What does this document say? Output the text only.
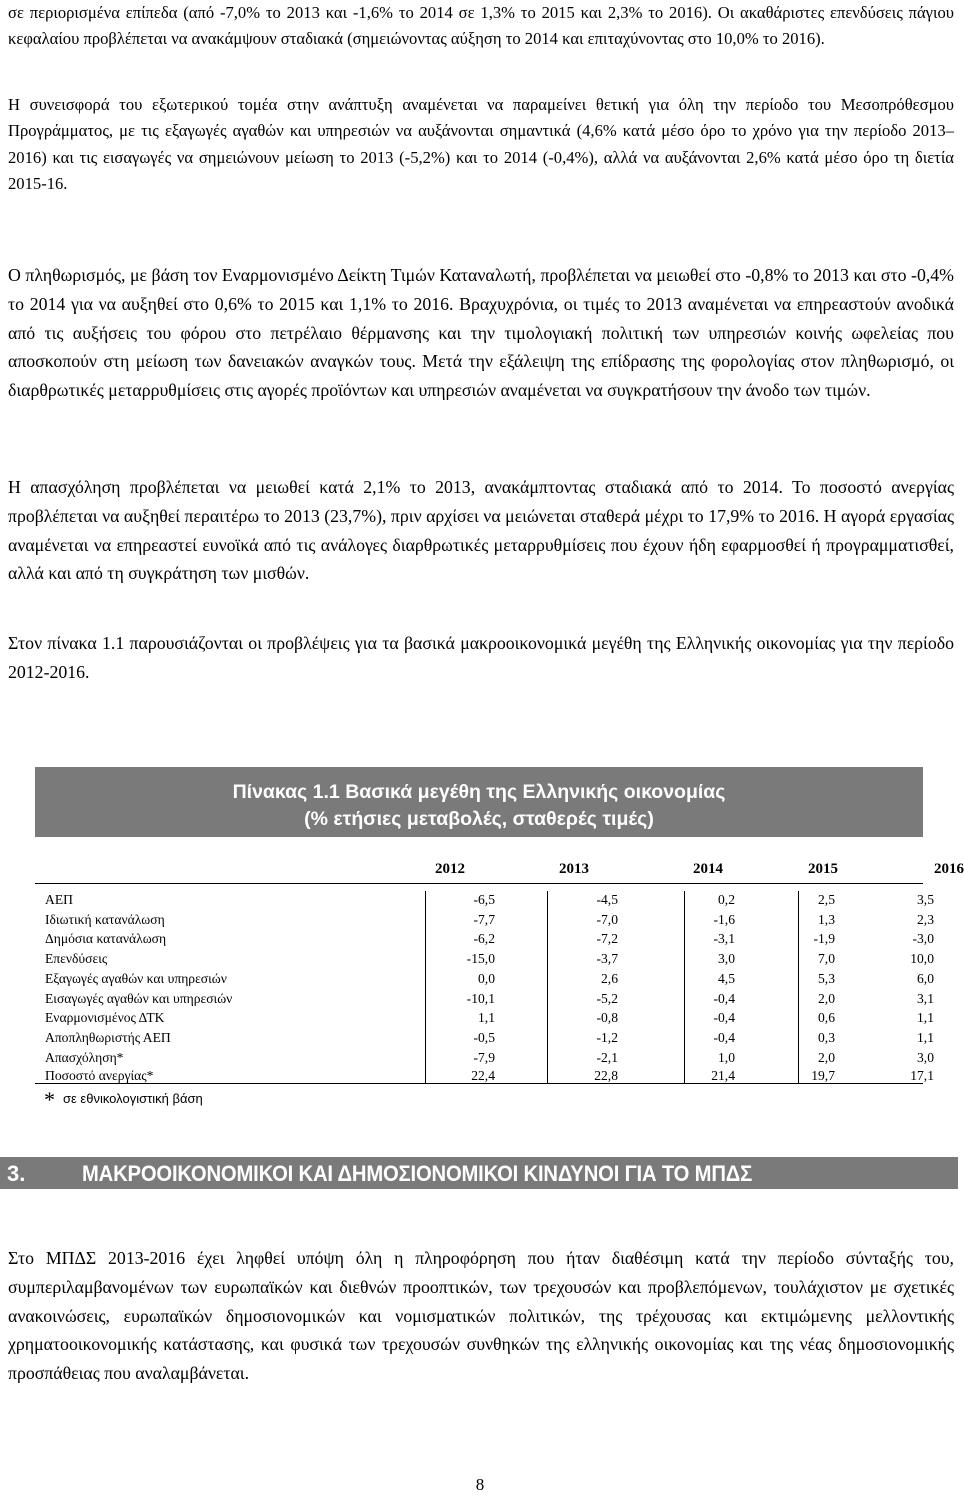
σε περιορισμένα επίπεδα (από -7,0% το 2013 και -1,6% το 2014 σε 1,3% το 2015 και 2,3% το 2016). Οι ακαθάριστες επενδύσεις πάγιου κεφαλαίου προβλέπεται να ανακάμψουν σταδιακά (σημειώνοντας αύξηση το 2014 και επιταχύνοντας στο 10,0% το 2016).

Η συνεισφορά του εξωτερικού τομέα στην ανάπτυξη αναμένεται να παραμείνει θετική για όλη την περίοδο του Μεσοπρόθεσμου Προγράμματος, με τις εξαγωγές αγαθών και υπηρεσιών να αυξάνονται σημαντικά (4,6% κατά μέσο όρο το χρόνο για την περίοδο 2013–2016) και τις εισαγωγές να σημειώνουν μείωση το 2013 (-5,2%) και το 2014 (-0,4%), αλλά να αυξάνονται 2,6% κατά μέσο όρο τη διετία 2015-16.

Ο πληθωρισμός, με βάση τον Εναρμονισμένο Δείκτη Τιμών Καταναλωτή, προβλέπεται να μειωθεί στο -0,8% το 2013 και στο -0,4% το 2014 για να αυξηθεί στο 0,6% το 2015 και 1,1% το 2016. Βραχυχρόνια, οι τιμές το 2013 αναμένεται να επηρεαστούν ανοδικά από τις αυξήσεις του φόρου στο πετρέλαιο θέρμανσης και την τιμολογιακή πολιτική των υπηρεσιών κοινής ωφελείας που αποσκοπούν στη μείωση των δανειακών αναγκών τους. Μετά την εξάλειψη της επίδρασης της φορολογίας στον πληθωρισμό, οι διαρθρωτικές μεταρρυθμίσεις στις αγορές προϊόντων και υπηρεσιών αναμένεται να συγκρατήσουν την άνοδο των τιμών.

Η απασχόληση προβλέπεται να μειωθεί κατά 2,1% το 2013, ανακάμπτοντας σταδιακά από το 2014. Το ποσοστό ανεργίας προβλέπεται να αυξηθεί περαιτέρω το 2013 (23,7%), πριν αρχίσει να μειώνεται σταθερά μέχρι το 17,9% το 2016. Η αγορά εργασίας αναμένεται να επηρεαστεί ευνοϊκά από τις ανάλογες διαρθρωτικές μεταρρυθμίσεις που έχουν ήδη εφαρμοσθεί ή προγραμματισθεί, αλλά και από τη συγκράτηση των μισθών.

Στον πίνακα 1.1 παρουσιάζονται οι προβλέψεις για τα βασικά μακροοικονομικά μεγέθη της Ελληνικής οικονομίας για την περίοδο 2012-2016.

Πίνακας 1.1 Βασικά μεγέθη της Ελληνικής οικονομίας
(% ετήσιες μεταβολές, σταθερές τιμές)
2012	2013	2014	2015	2016
ΑΕΠ	-6,5	-4,5	0,2	2,5	3,5
Ιδιωτική κατανάλωση	-7,7	-7,0	-1,6	1,3	2,3
Δημόσια κατανάλωση	-6,2	-7,2	-3,1	-1,9	-3,0
Επενδύσεις	-15,0	-3,7	3,0	7,0	10,0
Εξαγωγές αγαθών και υπηρεσιών	0,0	2,6	4,5	5,3	6,0
Εισαγωγές αγαθών και υπηρεσιών	-10,1	-5,2	-0,4	2,0	3,1
Εναρμονισμένος ΔΤΚ	1,1	-0,8	-0,4	0,6	1,1
Αποπληθωριστής ΑΕΠ	-0,5	-1,2	-0,4	0,3	1,1
Απασχόληση*	-7,9	-2,1	1,0	2,0	3,0
Ποσοστό ανεργίας*	22,4	22,8	21,4	19,7	17,1
* σε εθνικολογιστική βάση
3.	ΜΑΚΡΟΟΙΚΟΝΟΜΙΚΟΙ ΚΑΙ ΔΗΜΟΣΙΟΝΟΜΙΚΟΙ ΚΙΝΔΥΝΟΙ ΓΙΑ ΤΟ ΜΠΔΣ

Στο ΜΠΔΣ 2013-2016 έχει ληφθεί υπόψη όλη η πληροφόρηση που ήταν διαθέσιμη κατά την περίοδο σύνταξής του, συμπεριλαμβανομένων των ευρωπαϊκών και διεθνών προοπτικών, των τρεχουσών και προβλεπόμενων, τουλάχιστον με σχετικές ανακοινώσεις, ευρωπαϊκών δημοσιονομικών και νομισματικών πολιτικών, της τρέχουσας και εκτιμώμενης μελλοντικής χρηματοοικονομικής κατάστασης, και φυσικά των τρεχουσών συνθηκών της ελληνικής οικονομίας και της νέας δημοσιονομικής προσπάθειας που αναλαμβάνεται.

8
